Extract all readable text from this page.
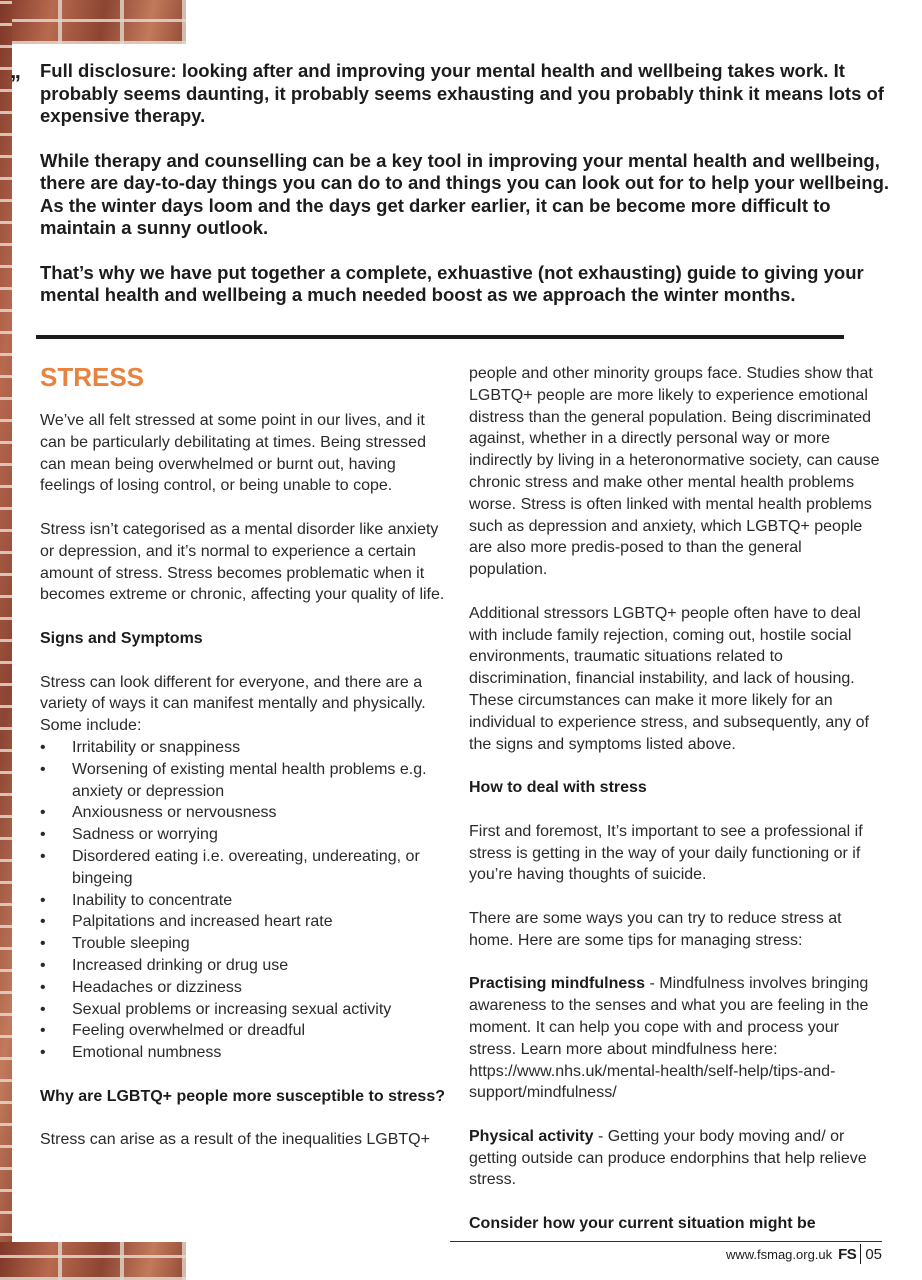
„ Full disclosure: looking after and improving your mental health and wellbeing takes work. It probably seems daunting, it probably seems exhausting and you probably think it means lots of expensive therapy.

While therapy and counselling can be a key tool in improving your mental health and wellbeing, there are day-to-day things you can do to and things you can look out for to help your wellbeing. As the winter days loom and the days get darker earlier, it can be become more difficult to maintain a sunny outlook.

That’s why we have put together a complete, exhuastive (not exhausting) guide to giving your mental health and wellbeing a much needed boost as we approach the winter months.

STRESS

We’ve all felt stressed at some point in our lives, and it can be particularly debilitating at times. Being stressed can mean being overwhelmed or burnt out, having feelings of losing control, or being unable to cope.

Stress isn’t categorised as a mental disorder like anxiety or depression, and it’s normal to experience a certain amount of stress. Stress becomes problematic when it becomes extreme or chronic, affecting your quality of life.

Signs and Symptoms
Stress can look different for everyone, and there are a variety of ways it can manifest mentally and physically. Some include:
• Irritability or snappiness
• Worsening of existing mental health problems e.g. anxiety or depression
• Anxiousness or nervousness
• Sadness or worrying
• Disordered eating i.e. overeating, undereating, or bingeing
• Inability to concentrate
• Palpitations and increased heart rate
• Trouble sleeping
• Increased drinking or drug use
• Headaches or dizziness
• Sexual problems or increasing sexual activity
• Feeling overwhelmed or dreadful
• Emotional numbness
Why are LGBTQ+ people more susceptible to stress?

Stress can arise as a result of the inequalities LGBTQ+

people and other minority groups face. Studies show that LGBTQ+ people are more likely to experience emotional distress than the general population. Being discriminated against, whether in a directly personal way or more indirectly by living in a heteronormative society, can cause chronic stress and make other mental health problems worse. Stress is often linked with mental health problems such as depression and anxiety, which LGBTQ+ people are also more predis-posed to than the general population.

Additional stressors LGBTQ+ people often have to deal with include family rejection, coming out, hostile social environments, traumatic situations related to discrimination, financial instability, and lack of housing. These circumstances can make it more likely for an individual to experience stress, and subsequently, any of the signs and symptoms listed above.

How to deal with stress

First and foremost, It’s important to see a professional if stress is getting in the way of your daily functioning or if you’re having thoughts of suicide.

There are some ways you can try to reduce stress at home. Here are some tips for managing stress:

Practising mindfulness - Mindfulness involves bringing awareness to the senses and what you are feeling in the moment. It can help you cope with and process your stress. Learn more about mindfulness here: https://www.nhs.uk/mental-health/self-help/tips-and-support/mindfulness/

Physical activity - Getting your body moving and/ or getting outside can produce endorphins that help relieve stress.

Consider how your current situation might be
www.fsmag.org.uk FS 05
